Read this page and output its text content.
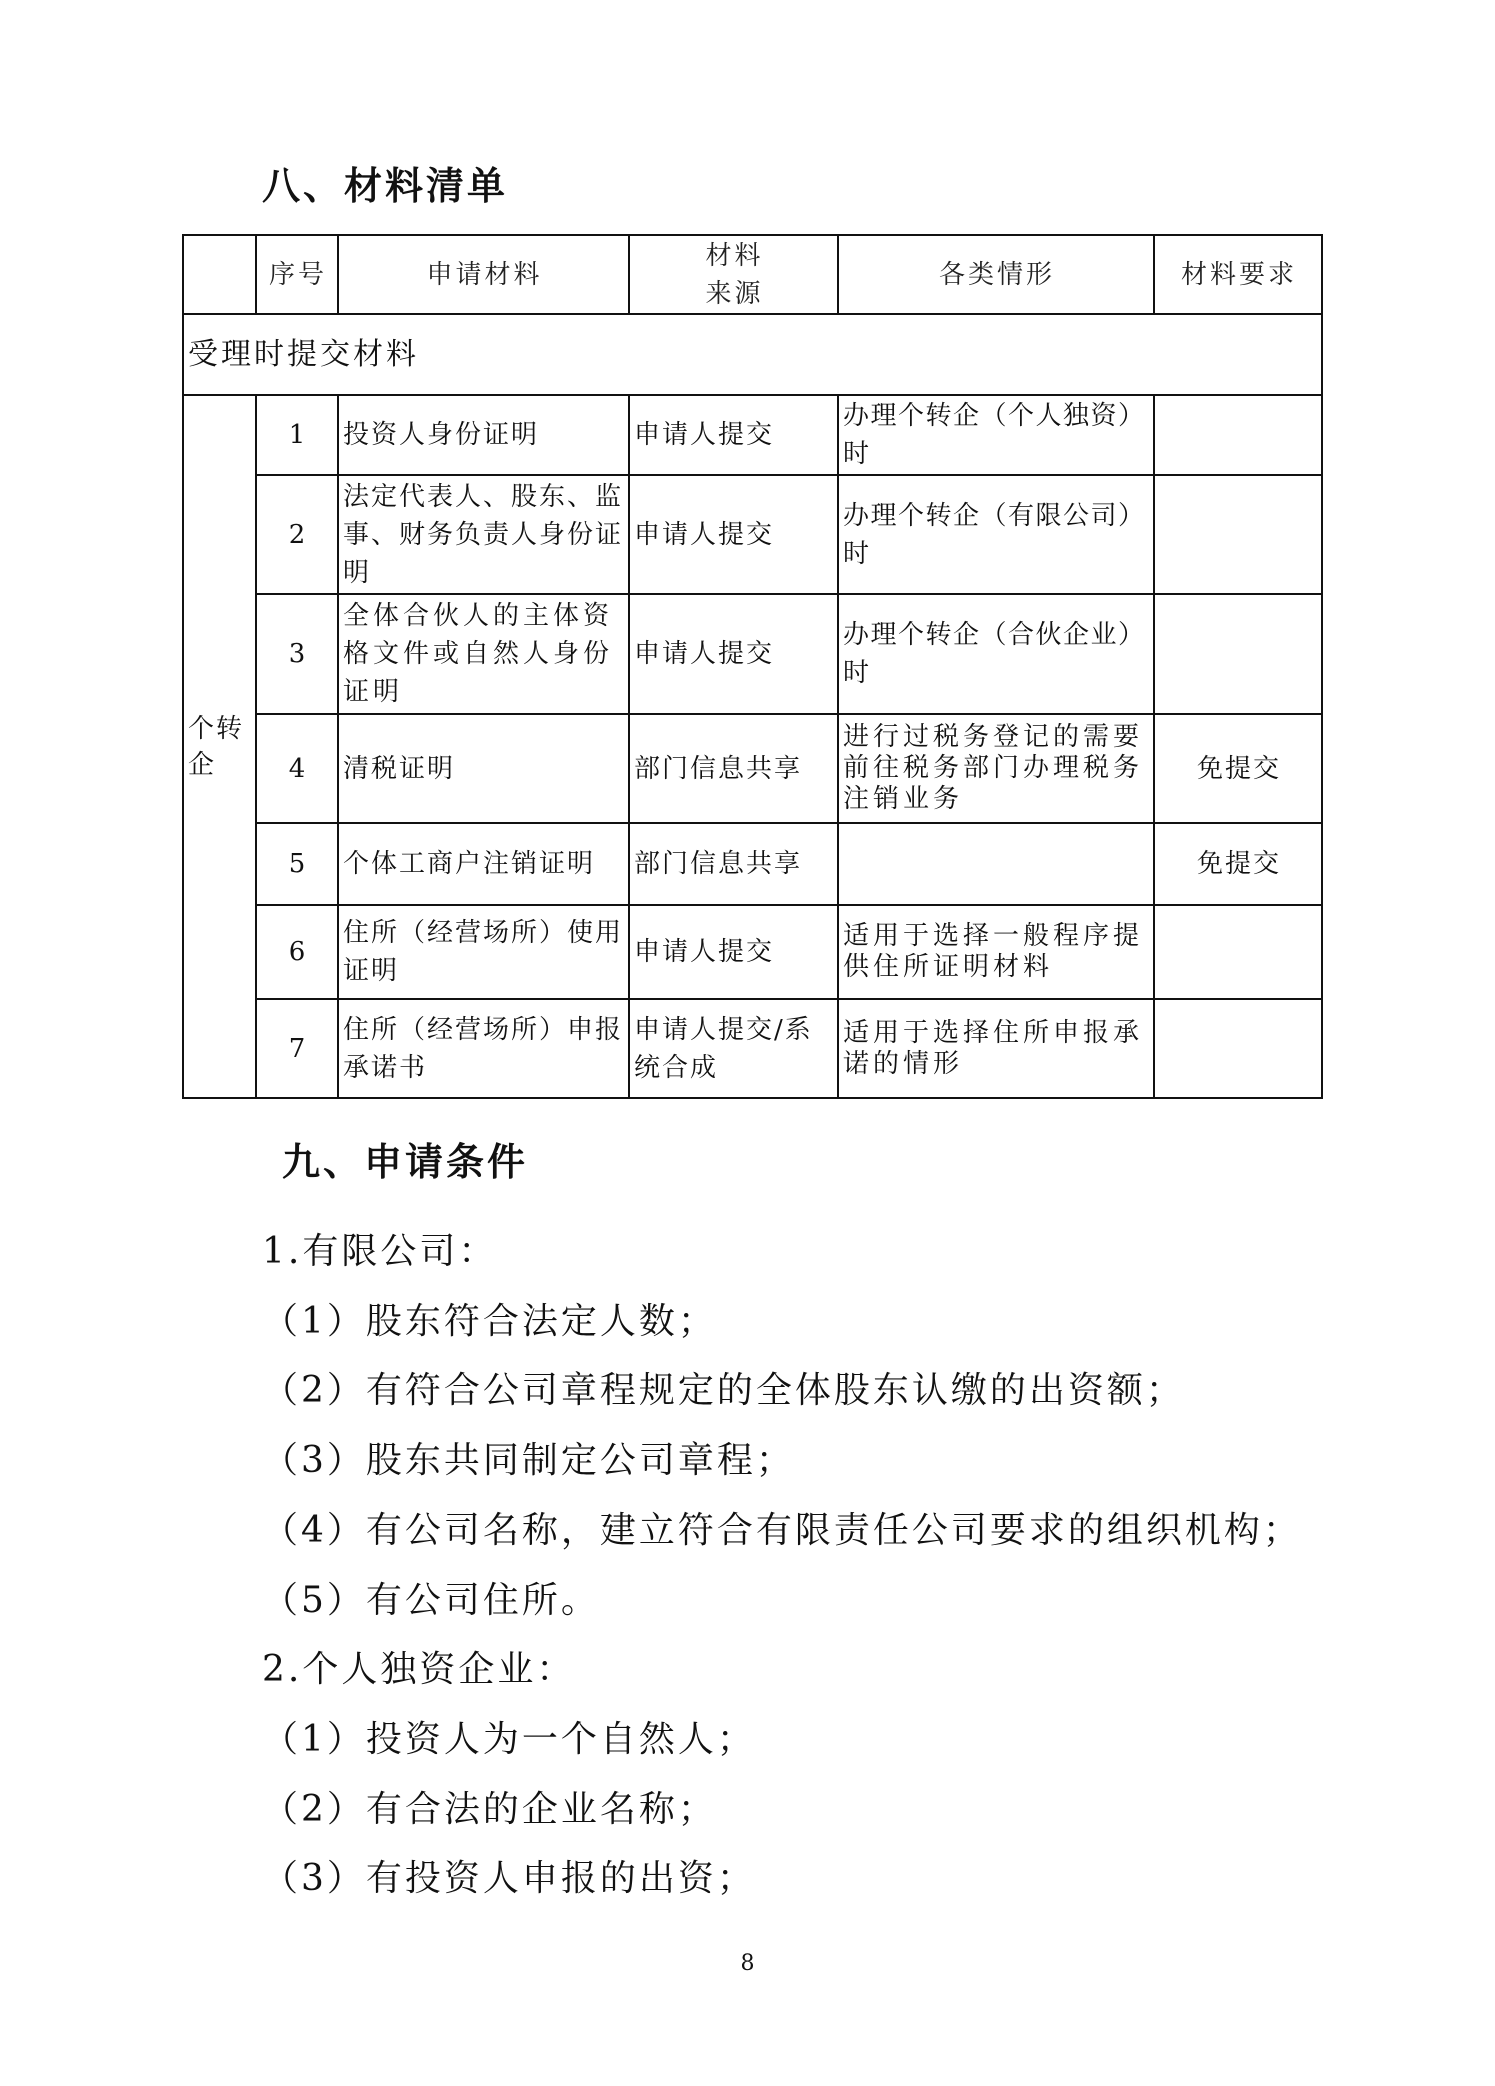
八、材料清单
	序号	申请材料	材料来源	各类情形	材料要求
受理时提交材料					
个转企	1	投资人身份证明	申请人提交	办理个转企（个人独资）时	
	2	法定代表人、股东、监事、财务负责人身份证明	申请人提交	办理个转企（有限公司）时	
	3	全体合伙人的主体资格文件或自然人身份证明	申请人提交	办理个转企（合伙企业）时	
	4	清税证明	部门信息共享	进行过税务登记的需要前往税务部门办理税务注销业务	免提交
	5	个体工商户注销证明	部门信息共享		免提交
	6	住所（经营场所）使用证明	申请人提交	适用于选择一般程序提供住所证明材料	
	7	住所（经营场所）申报承诺书	申请人提交/系统合成	适用于选择住所申报承诺的情形	
九、申请条件
1.有限公司：
（1）股东符合法定人数；
（2）有符合公司章程规定的全体股东认缴的出资额；
（3）股东共同制定公司章程；
（4）有公司名称，建立符合有限责任公司要求的组织机构；
（5）有公司住所。
2.个人独资企业：
（1）投资人为一个自然人；
（2）有合法的企业名称；
（3）有投资人申报的出资；
8
